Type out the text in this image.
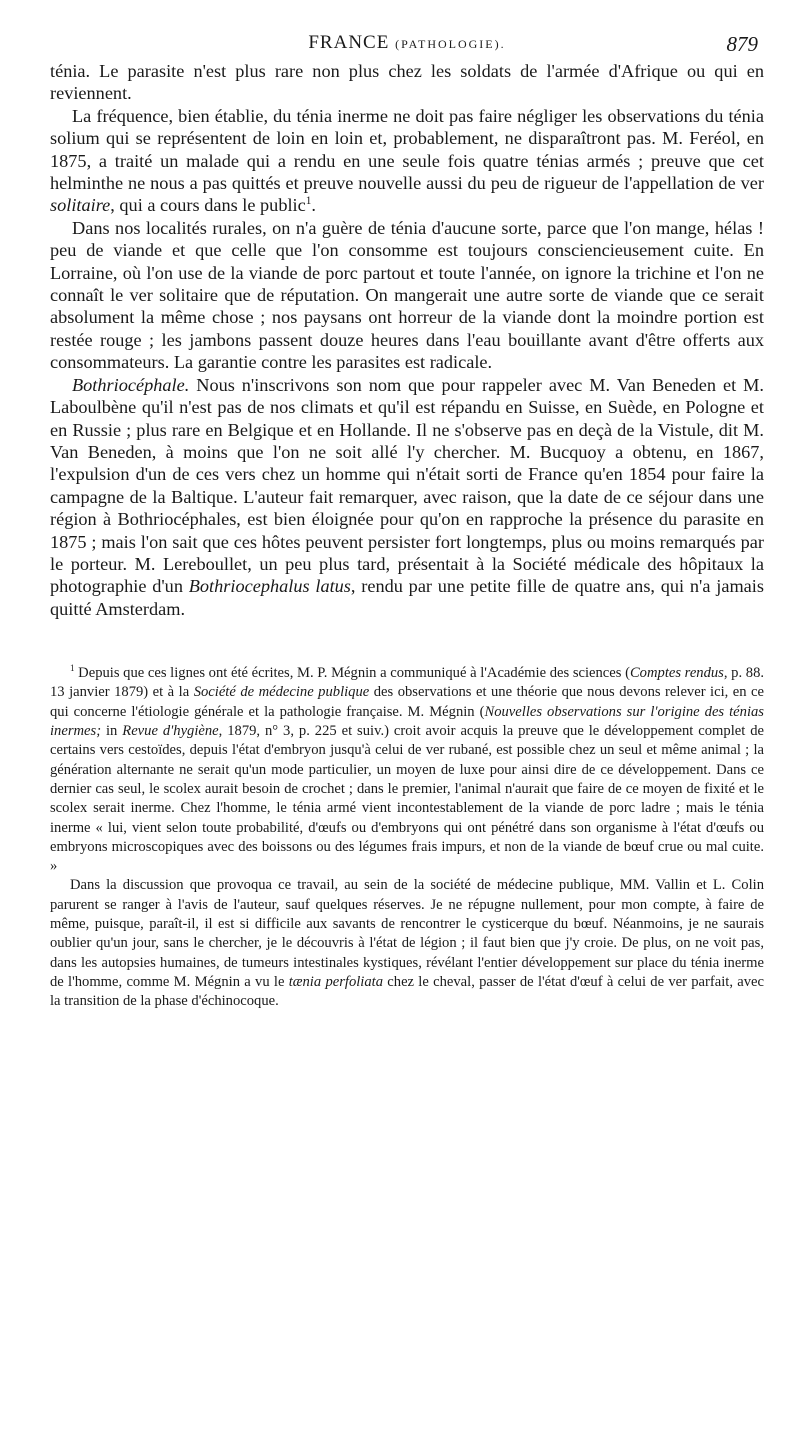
FRANCE (PATHOLOGIE).	879

ténia. Le parasite n'est plus rare non plus chez les soldats de l'armée d'Afrique ou qui en reviennent.

La fréquence, bien établie, du ténia inerme ne doit pas faire négliger les observations du ténia solium qui se représentent de loin en loin et, probablement, ne disparaîtront pas. M. Feréol, en 1875, a traité un malade qui a rendu en une seule fois quatre ténias armés ; preuve que cet helminthe ne nous a pas quittés et preuve nouvelle aussi du peu de rigueur de l'appellation de ver solitaire, qui a cours dans le public$^1$.

Dans nos localités rurales, on n'a guère de ténia d'aucune sorte, parce que l'on mange, hélas ! peu de viande et que celle que l'on consomme est toujours consciencieusement cuite. En Lorraine, où l'on use de la viande de porc partout et toute l'année, on ignore la trichine et l'on ne connaît le ver solitaire que de réputation. On mangerait une autre sorte de viande que ce serait absolument la même chose ; nos paysans ont horreur de la viande dont la moindre portion est restée rouge ; les jambons passent douze heures dans l'eau bouillante avant d'être offerts aux consommateurs. La garantie contre les parasites est radicale.

Bothriocéphale. Nous n'inscrivons son nom que pour rappeler avec M. Van Beneden et M. Laboulbène qu'il n'est pas de nos climats et qu'il est répandu en Suisse, en Suède, en Pologne et en Russie ; plus rare en Belgique et en Hollande. Il ne s'observe pas en deçà de la Vistule, dit M. Van Beneden, à moins que l'on ne soit allé l'y chercher. M. Bucquoy a obtenu, en 1867, l'expulsion d'un de ces vers chez un homme qui n'était sorti de France qu'en 1854 pour faire la campagne de la Baltique. L'auteur fait remarquer, avec raison, que la date de ce séjour dans une région à Bothriocéphales, est bien éloignée pour qu'on en rapproche la présence du parasite en 1875 ; mais l'on sait que ces hôtes peuvent persister fort longtemps, plus ou moins remarqués par le porteur. M. Lereboullet, un peu plus tard, présentait à la Société médicale des hôpitaux la photographie d'un Bothriocephalus latus, rendu par une petite fille de quatre ans, qui n'a jamais quitté Amsterdam.

$^1$ Depuis que ces lignes ont été écrites, M. P. Mégnin a communiqué à l'Académie des sciences (Comptes rendus, p. 88. 13 janvier 1879) et à la Société de médecine publique des observations et une théorie que nous devons relever ici, en ce qui concerne l'étiologie générale et la pathologie française. M. Mégnin (Nouvelles observations sur l'origine des ténias inermes; in Revue d'hygiène, 1879, n° 3, p. 225 et suiv.) croit avoir acquis la preuve que le développement complet de certains vers cestoïdes, depuis l'état d'embryon jusqu'à celui de ver rubané, est possible chez un seul et même animal ; la génération alternante ne serait qu'un mode particulier, un moyen de luxe pour ainsi dire de ce développement. Dans ce dernier cas seul, le scolex aurait besoin de crochet ; dans le premier, l'animal n'aurait que faire de ce moyen de fixité et le scolex serait inerme. Chez l'homme, le ténia armé vient incontestablement de la viande de porc ladre ; mais le ténia inerme « lui, vient selon toute probabilité, d'œufs ou d'embryons qui ont pénétré dans son organisme à l'état d'œufs ou embryons microscopiques avec des boissons ou des légumes frais impurs, et non de la viande de bœuf crue ou mal cuite. »

Dans la discussion que provoqua ce travail, au sein de la société de médecine publique, MM. Vallin et L. Colin parurent se ranger à l'avis de l'auteur, sauf quelques réserves. Je ne répugne nullement, pour mon compte, à faire de même, puisque, paraît-il, il est si difficile aux savants de rencontrer le cysticerque du bœuf. Néanmoins, je ne saurais oublier qu'un jour, sans le chercher, je le découvris à l'état de légion ; il faut bien que j'y croie. De plus, on ne voit pas, dans les autopsies humaines, de tumeurs intestinales kystiques, révélant l'entier développement sur place du ténia inerme de l'homme, comme M. Mégnin a vu le tænia perfoliata chez le cheval, passer de l'état d'œuf à celui de ver parfait, avec la transition de la phase d'échinocoque.
